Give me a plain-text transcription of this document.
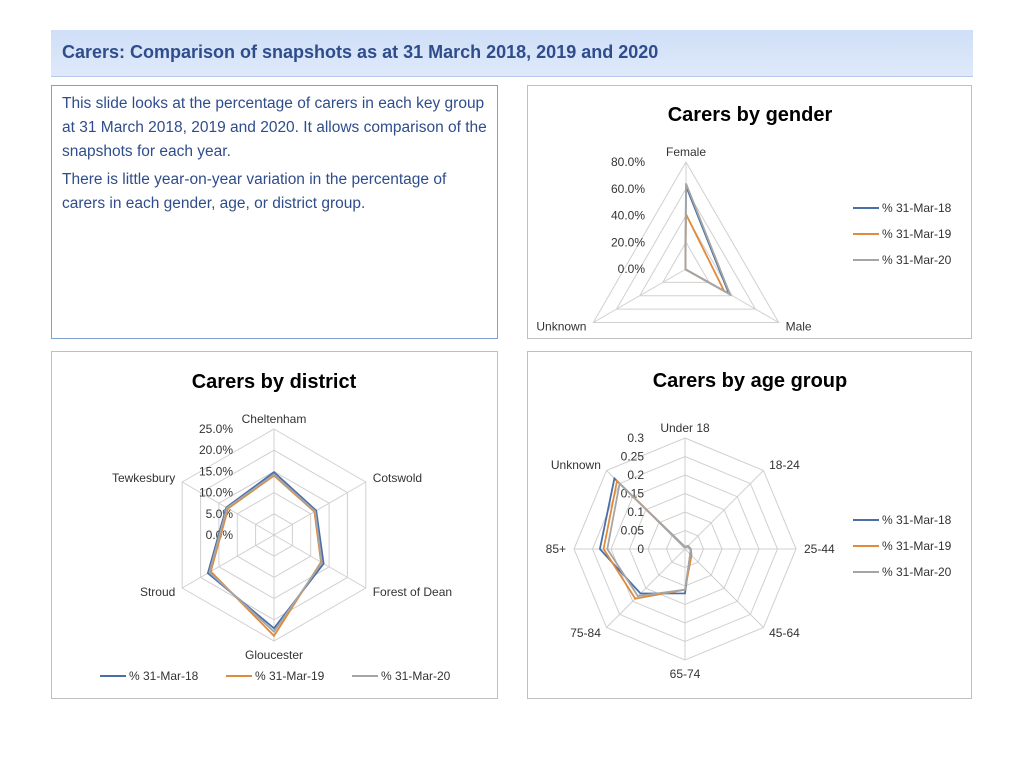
Carers: Comparison of snapshots as at 31 March 2018, 2019 and 2020

This slide looks at the percentage of carers in each key group at 31 March 2018, 2019 and 2020. It allows comparison of the snapshots for each year.

There is little year-on-year variation in the percentage of carers in each gender, age, or district group.

Carers by gender
0.0%
20.0%
40.0%
60.0%
80.0%
Female
Male
Unknown
% 31-Mar-18
% 31-Mar-19
% 31-Mar-20
Carers by district
0.0%
5.0%
10.0%
15.0%
20.0%
25.0%
Cheltenham
Cotswold
Forest of Dean
Gloucester
Stroud
Tewkesbury
% 31-Mar-18	% 31-Mar-19	% 31-Mar-20
Carers by age group
0
0.05
0.1
0.15
0.2
0.25
0.3
Under 18
18-24
25-44
45-64
65-74
75-84
85+
Unknown
% 31-Mar-18
% 31-Mar-19
% 31-Mar-20
